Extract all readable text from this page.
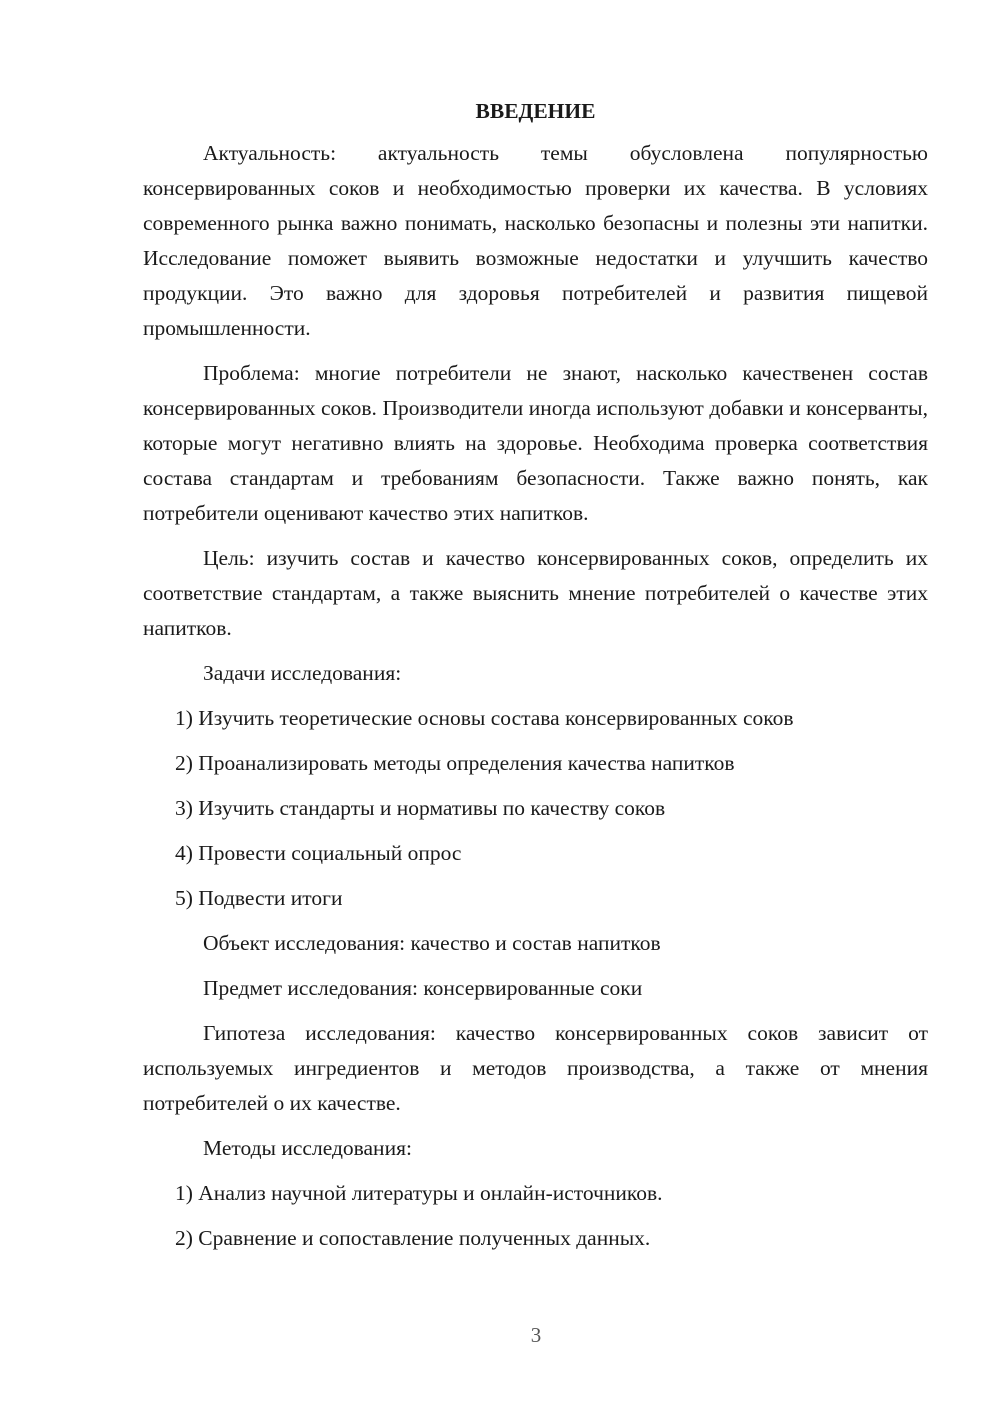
ВВЕДЕНИЕ

Актуальность: актуальность темы обусловлена популярностью консервированных соков и необходимостью проверки их качества. В условиях современного рынка важно понимать, насколько безопасны и полезны эти напитки. Исследование поможет выявить возможные недостатки и улучшить качество продукции. Это важно для здоровья потребителей и развития пищевой промышленности.

Проблема: многие потребители не знают, насколько качественен состав консервированных соков. Производители иногда используют добавки и консерванты, которые могут негативно влиять на здоровье. Необходима проверка соответствия состава стандартам и требованиям безопасности. Также важно понять, как потребители оценивают качество этих напитков.

Цель: изучить состав и качество консервированных соков, определить их соответствие стандартам, а также выяснить мнение потребителей о качестве этих напитков.

Задачи исследования:
1) Изучить теоретические основы состава консервированных соков
2) Проанализировать методы определения качества напитков
3) Изучить стандарты и нормативы по качеству соков
4) Провести социальный опрос
5) Подвести итоги
Объект исследования: качество и состав напитков
Предмет исследования: консервированные соки

Гипотеза исследования: качество консервированных соков зависит от используемых ингредиентов и методов производства, а также от мнения потребителей о их качестве.

Методы исследования:
1) Анализ научной литературы и онлайн-источников.
2) Сравнение и сопоставление полученных данных.
3
